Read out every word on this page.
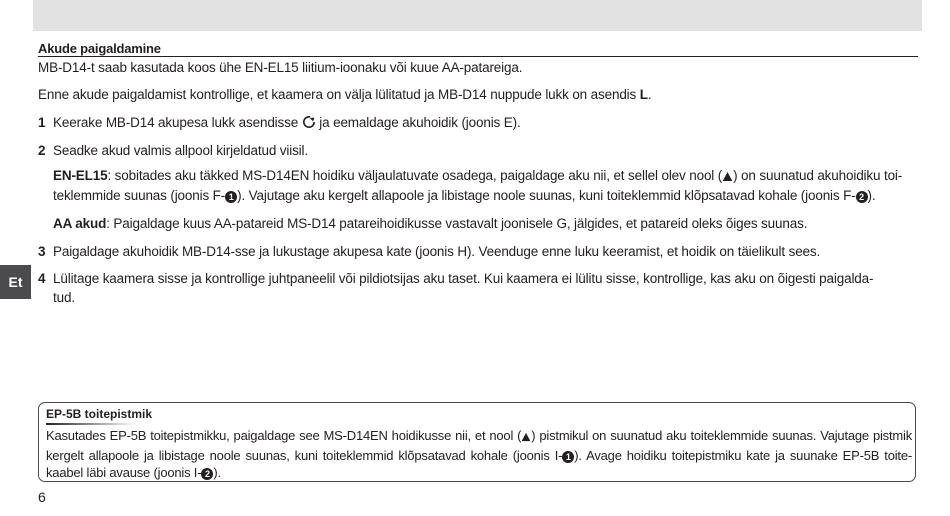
Et
Akude paigaldamine
MB-D14-t saab kasutada koos ühe EN-EL15 liitium-ioonaku või kuue AA-patareiga.
Enne akude paigaldamist kontrollige, et kaamera on välja lülitatud ja MB-D14 nuppude lukk on asendis L.
1 Keerake MB-D14 akupesa lukk asendisse  ja eemaldage akuhoidik (joonis E).
2 Seadke akud valmis allpool kirjeldatud viisil.
EN-EL15: sobitades aku täkked MS-D14EN hoidiku väljaulatuvate osadega, paigaldage aku nii, et sellel olev nool ( ) on suunatud akuhoidiku toi-
teklemmide suunas (joonis F- 1 ). Vajutage aku kergelt allapoole ja libistage noole suunas, kuni toiteklemmid klõpsatavad kohale (joonis F- 2 ).
AA akud: Paigaldage kuus AA-patareid MS-D14 patareihoidikusse vastavalt joonisele G, jälgides, et patareid oleks õiges suunas.
3 Paigaldage akuhoidik MB-D14-sse ja lukustage akupesa kate (joonis H). Veenduge enne luku keeramist, et hoidik on täielikult sees.
4 Lülitage kaamera sisse ja kontrollige juhtpaneelil või pildiotsijas aku taset. Kui kaamera ei lülitu sisse, kontrollige, kas aku on õigesti paigalda-
tud.
EP-5B toitepistmik
Kasutades EP-5B toitepistmikku, paigaldage see MS-D14EN hoidikusse nii, et nool ( ) pistmikul on suunatud aku toiteklemmide suunas. Vajutage pistmik kergelt allapoole ja libistage noole suunas, kuni toiteklemmid klõpsatavad kohale (joonis I- 1 ). Avage hoidiku toitepistmiku kate ja suunake EP-5B toite-kaabel läbi avause (joonis I- 2 ).
6
